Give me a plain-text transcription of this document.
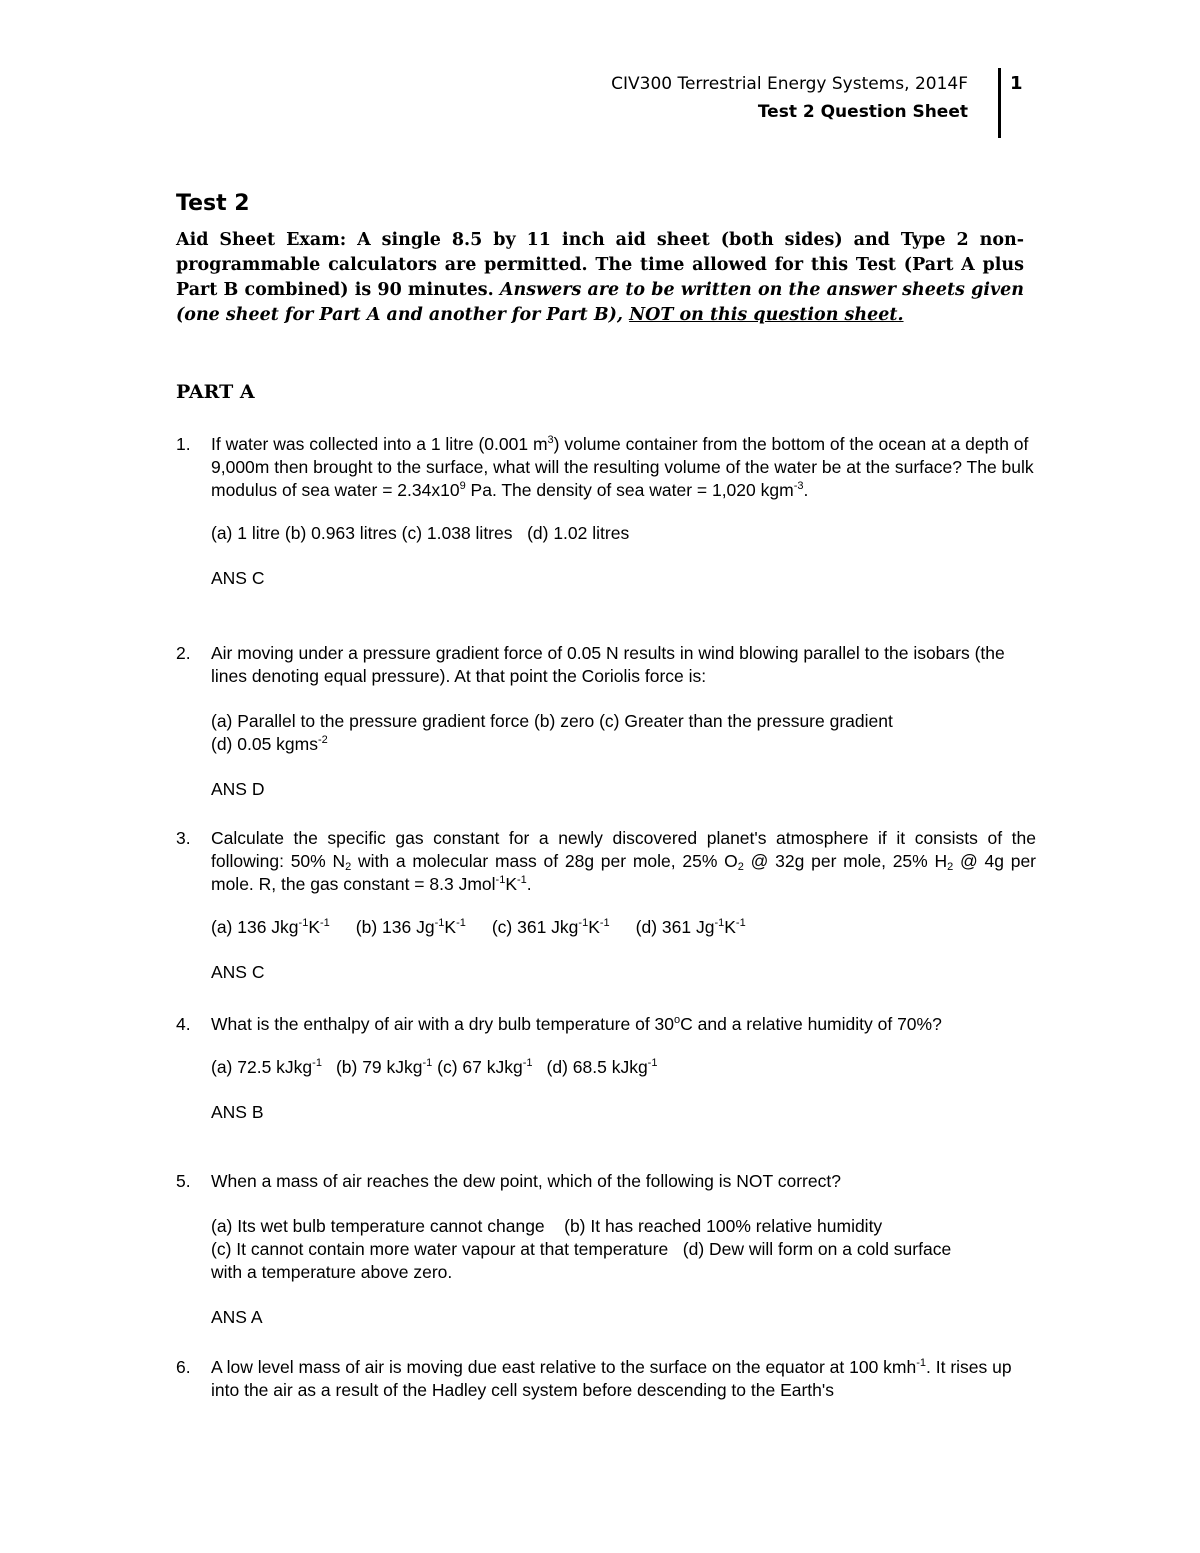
CIV300 Terrestrial Energy Systems, 2014F
Test 2 Question Sheet
1
Test 2
Aid Sheet Exam: A single 8.5 by 11 inch aid sheet (both sides) and Type 2 non-programmable calculators are permitted. The time allowed for this Test (Part A plus Part B combined) is 90 minutes. Answers are to be written on the answer sheets given (one sheet for Part A and another for Part B), NOT on this question sheet.
PART A
1. If water was collected into a 1 litre (0.001 $m^3$) volume container from the bottom of the ocean at a depth of 9,000m then brought to the surface, what will the resulting volume of the water be at the surface? The bulk modulus of sea water = $2.34x10^9$ Pa. The density of sea water = 1,020 kgm$^{-3}$.
(a) 1 litre (b) 0.963 litres (c) 1.038 litres   (d) 1.02 litres
ANS C
2. Air moving under a pressure gradient force of 0.05 N results in wind blowing parallel to the isobars (the lines denoting equal pressure). At that point the Coriolis force is:
(a) Parallel to the pressure gradient force (b) zero (c) Greater than the pressure gradient
(d) 0.05 kgms$^{-2}$
ANS D
3. Calculate the specific gas constant for a newly discovered planet's atmosphere if it consists of the following: 50% $N_2$ with a molecular mass of 28g per mole, 25% $O_2$ @ 32g per mole, 25% $H_2$ @ 4g per mole. R, the gas constant = 8.3 $Jmol^{-1}K^{-1}$.
(a) 136 $Jkg^{-1}K^{-1}$ (b) 136 $Jg^{-1}K^{-1}$ (c) 361 $Jkg^{-1}K^{-1}$ (d) 361 $Jg^{-1}K^{-1}$
ANS C
4. What is the enthalpy of air with a dry bulb temperature of 30$^o$C and a relative humidity of 70%?
(a) 72.5 kJkg$^{-1}$ (b) 79 kJkg$^{-1}$ (c) 67 kJkg$^{-1}$ (d) 68.5 kJkg$^{-1}$
ANS B
5. When a mass of air reaches the dew point, which of the following is NOT correct?
(a) Its wet bulb temperature cannot change    (b) It has reached 100% relative humidity
(c) It cannot contain more water vapour at that temperature   (d) Dew will form on a cold surface with a temperature above zero.
ANS A
6. A low level mass of air is moving due east relative to the surface on the equator at 100 kmh$^{-1}$. It rises up into the air as a result of the Hadley cell system before descending to the Earth's
